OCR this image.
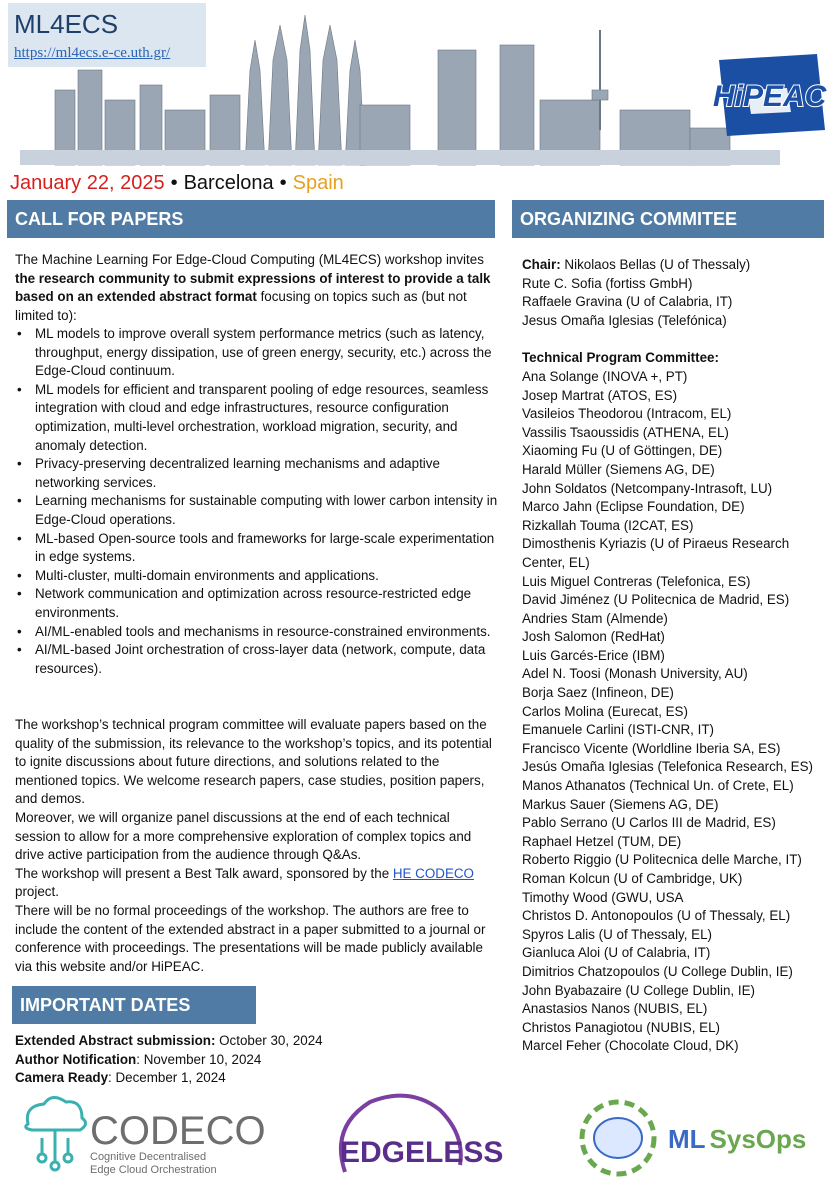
HiPEAC
ML4ECS
https://ml4ecs.e-ce.uth.gr/
January 22, 2025 • Barcelona • Spain
CALL FOR PAPERS
The Machine Learning For Edge-Cloud Computing (ML4ECS) workshop invites the research community to submit expressions of interest to provide a talk based on an extended abstract format focusing on topics such as (but not limited to):
• ML models to improve overall system performance metrics (such as latency, throughput, energy dissipation, use of green energy, security, etc.) across the Edge-Cloud continuum.
• ML models for efficient and transparent pooling of edge resources, seamless integration with cloud and edge infrastructures, resource configuration optimization, multi-level orchestration, workload migration, security, and anomaly detection.
• Privacy-preserving decentralized learning mechanisms and adaptive networking services.
• Learning mechanisms for sustainable computing with lower carbon intensity in Edge-Cloud operations.
• ML-based Open-source tools and frameworks for large-scale experimentation in edge systems.
• Multi-cluster, multi-domain environments and applications.
• Network communication and optimization across resource-restricted edge environments.
• AI/ML-enabled tools and mechanisms in resource-constrained environments.
• AI/ML-based Joint orchestration of cross-layer data (network, compute, data resources).

The workshop’s technical program committee will evaluate papers based on the quality of the submission, its relevance to the workshop’s topics, and its potential to ignite discussions about future directions, and solutions related to the mentioned topics. We welcome research papers, case studies, position papers, and demos.

Moreover, we will organize panel discussions at the end of each technical session to allow for a more comprehensive exploration of complex topics and drive active participation from the audience through Q&As.

The workshop will present a Best Talk award, sponsored by the HE CODECO project.

There will be no formal proceedings of the workshop. The authors are free to include the content of the extended abstract in a paper submitted to a journal or conference with proceedings. The presentations will be made publicly available via this website and/or HiPEAC.

IMPORTANT DATES
Extended Abstract submission: October 30, 2024
Author Notification: November 10, 2024
Camera Ready: December 1, 2024
ORGANIZING COMMITEE
Chair: Nikolaos Bellas (U of Thessaly)
Rute C. Sofia (fortiss GmbH)
Raffaele Gravina (U of Calabria, IT)
Jesus Omaña Iglesias (Telefónica)
Technical Program Committee:
Ana Solange (INOVA +, PT)
Josep Martrat (ATOS, ES)
Vasileios Theodorou (Intracom, EL)
Vassilis Tsaoussidis (ATHENA, EL)
Xiaoming Fu (U of Göttingen, DE)
Harald Müller (Siemens AG, DE)
John Soldatos (Netcompany-Intrasoft, LU)
Marco Jahn (Eclipse Foundation, DE)
Rizkallah Touma (I2CAT, ES)
Dimosthenis Kyriazis (U of Piraeus Research Center, EL)
Luis Miguel Contreras (Telefonica, ES)
David Jiménez (U Politecnica de Madrid, ES)
Andries Stam (Almende)
Josh Salomon (RedHat)
Luis Garcés-Erice (IBM)
Adel N. Toosi (Monash University, AU)
Borja Saez (Infineon, DE)
Carlos Molina (Eurecat, ES)
Emanuele Carlini (ISTI-CNR, IT)
Francisco Vicente (Worldline Iberia SA, ES)
Jesús Omaña Iglesias (Telefonica Research, ES)
Manos Athanatos (Technical Un. of Crete, EL)
Markus Sauer (Siemens AG, DE)
Pablo Serrano (U Carlos III de Madrid, ES)
Raphael Hetzel (TUM, DE)
Roberto Riggio (U Politecnica delle Marche, IT)
Roman Kolcun (U of Cambridge, UK)
Timothy Wood (GWU, USA
Christos D. Antonopoulos (U of Thessaly, EL)
Spyros Lalis (U of Thessaly, EL)
Gianluca Aloi (U of Calabria, IT)
Dimitrios Chatzopoulos (U College Dublin, IE)
John Byabazaire (U College Dublin, IE)
Anastasios Nanos (NUBIS, EL)
Christos Panagiotou (NUBIS, EL)
Marcel Feher (Chocolate Cloud, DK)
CODECO
Cognitive Decentralised
Edge Cloud Orchestration
EDGELESS	ML SysOps
